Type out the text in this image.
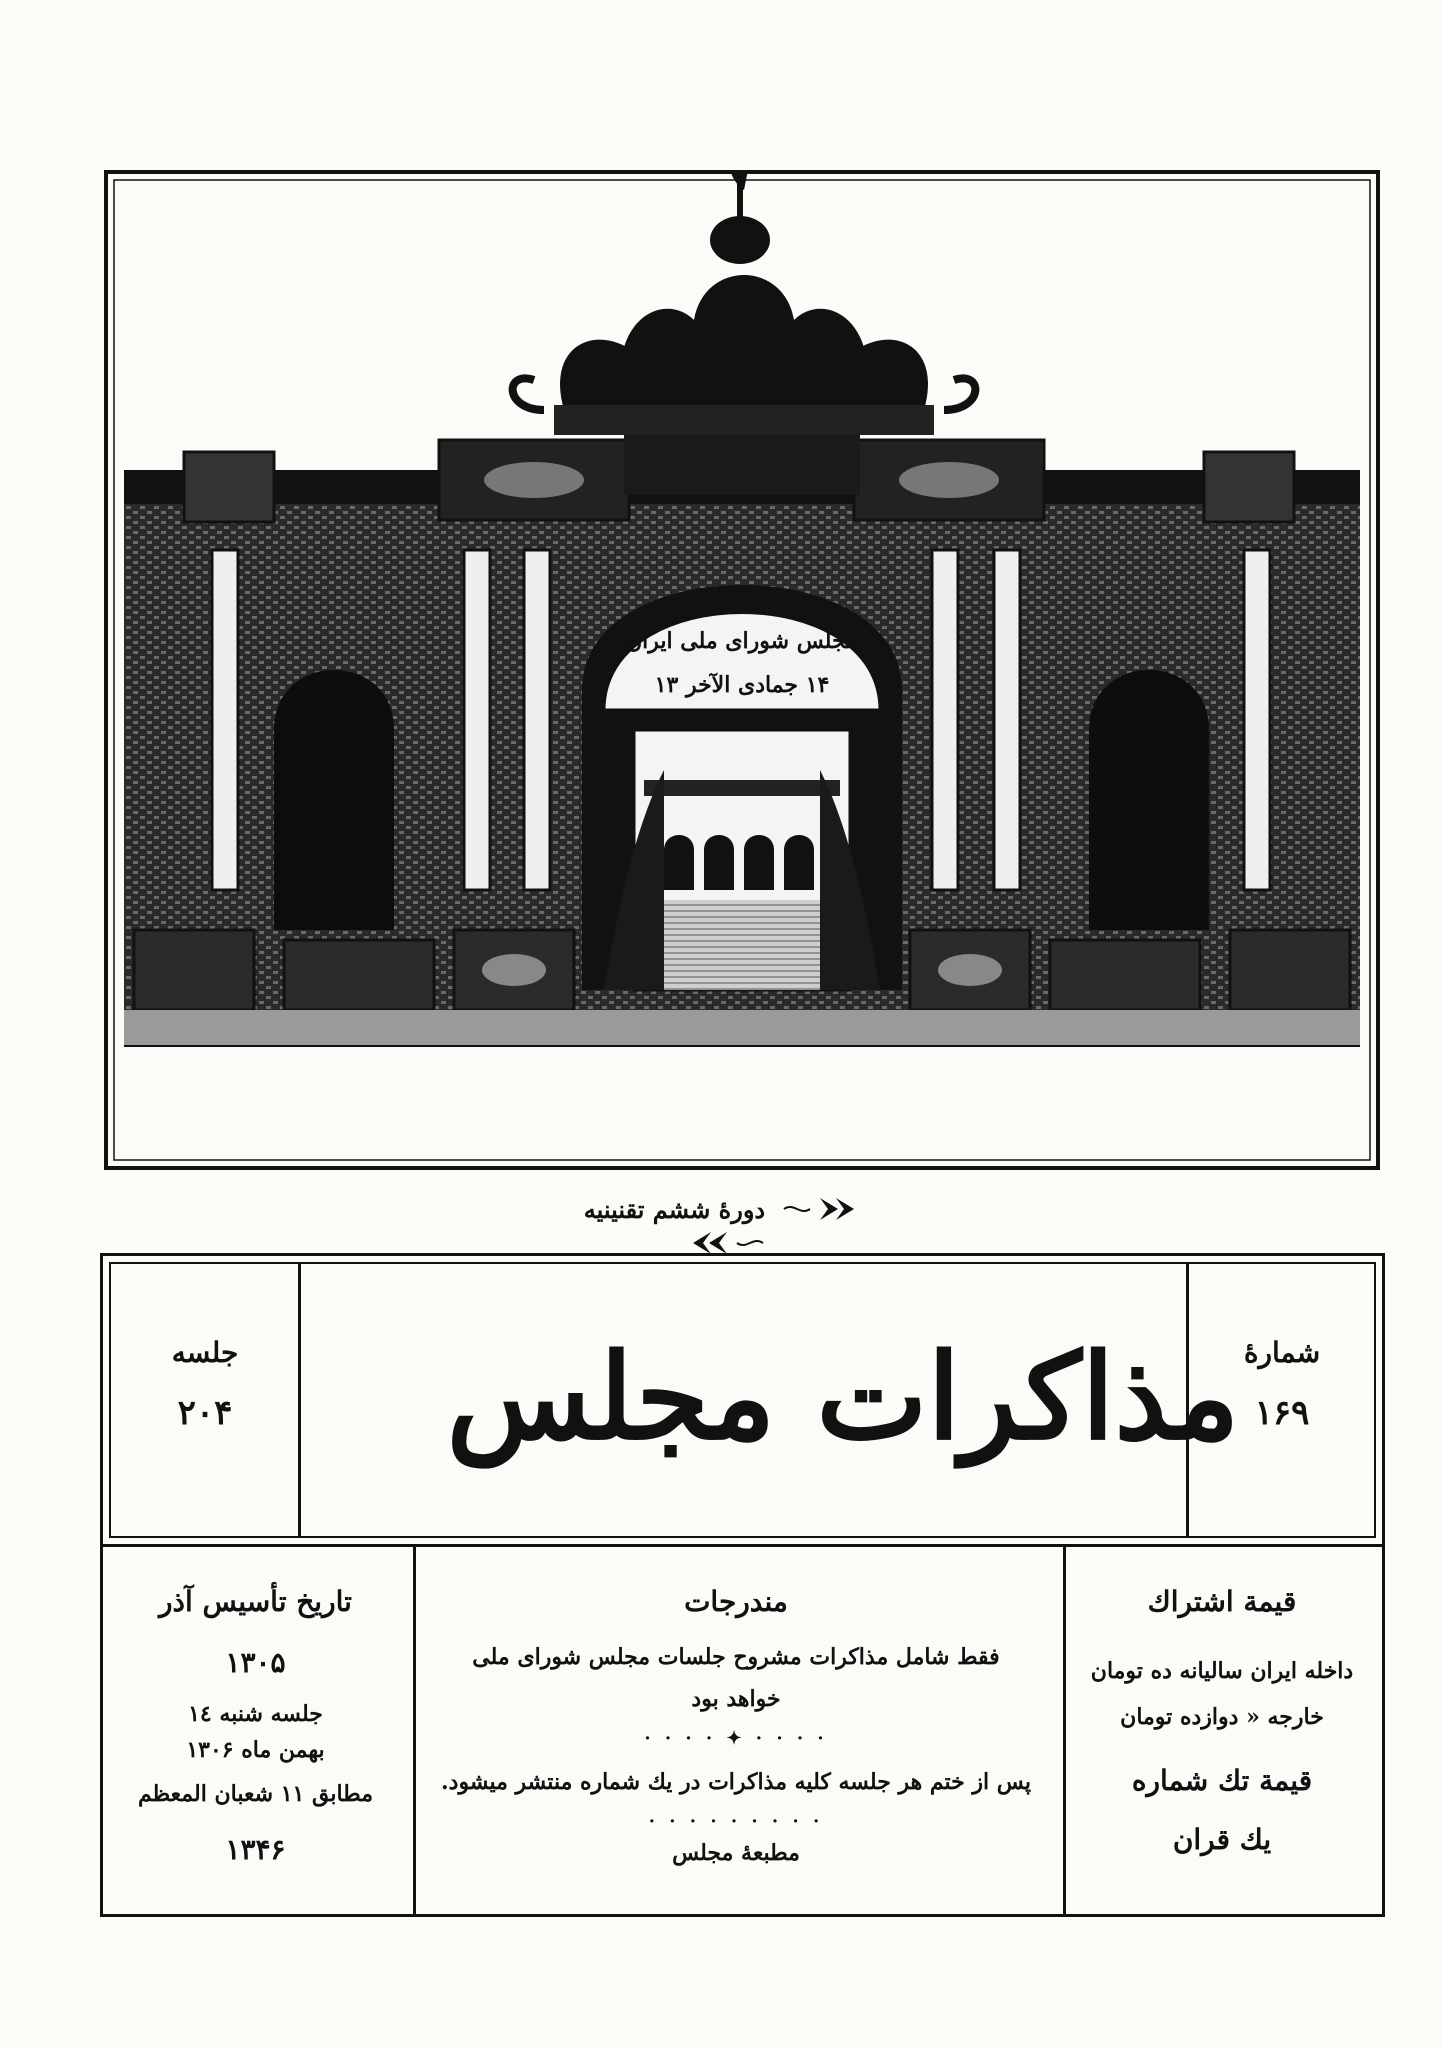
مجلس شورای ملی ایران
۱۴ جمادی الآخر ۱۳
دورهٔ ششم تقنينيه
شمارهٔ
۱۶۹
مذاکرات مجلس
جلسه
۲۰۴
قیمة اشتراك
داخله ایران سالیانه ده تومان
خارجه « دوازده تومان
قیمة تك شماره
یك قران
مندرجات
فقط شامل مذاکرات مشروح جلسات مجلس شورای ملی
خواهد بود
· · · · ✦ · · · ·
پس از ختم هر جلسه کلیه مذاکرات در یك شماره منتشر میشود.
· · · · · · · · ·
مطبعهٔ مجلس
تاریخ تأسیس آذر
۱۳۰۵
جلسه شنبه ۱٤
بهمن ماه ۱۳۰۶
مطابق ۱۱ شعبان المعظم
۱۳۴۶
